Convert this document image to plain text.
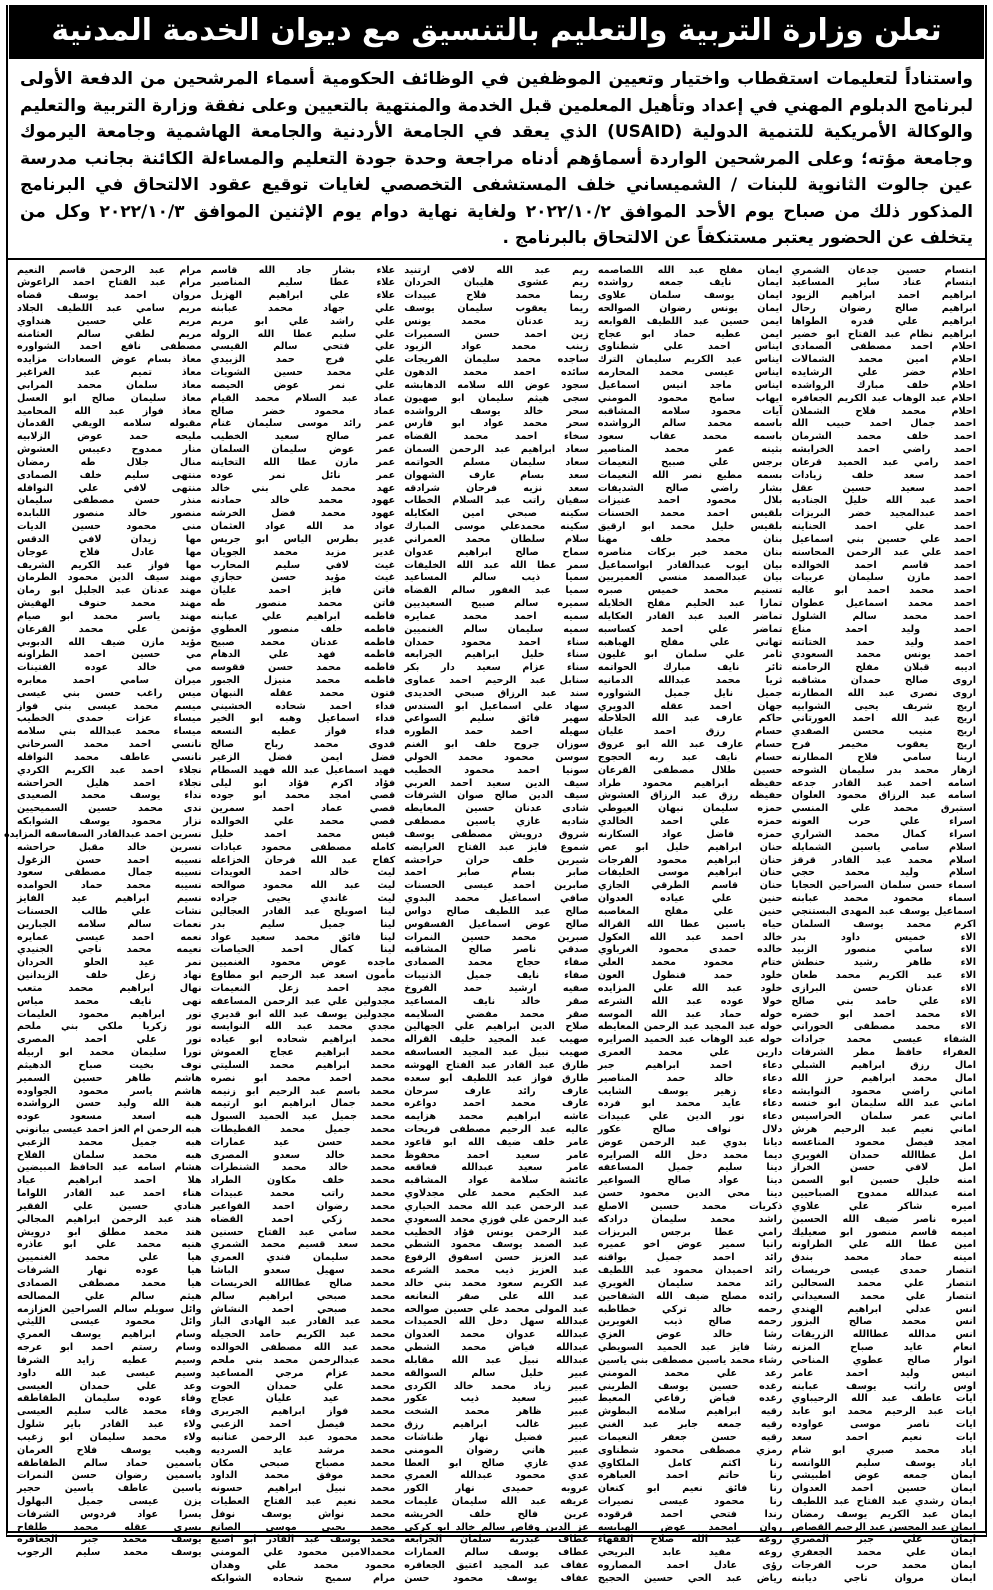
تعلن وزارة التربية والتعليم بالتنسيق مع ديوان الخدمة المدنية

واستناداً لتعليمات استقطاب واختيار وتعيين الموظفين في الوظائف الحكومية أسماء المرشحين من الدفعة الأولى لبرنامج الدبلوم المهني في إعداد وتأهيل المعلمين قبل الخدمة والمنتهية بالتعيين وعلى نفقة وزارة التربية والتعليم والوكالة الأمريكية للتنمية الدولية (USAID) الذي يعقد في الجامعة الأردنية والجامعة الهاشمية وجامعة اليرموك وجامعة مؤته؛ وعلى المرشحين الواردة أسماؤهم أدناه مراجعة وحدة جودة التعليم والمساءلة الكائنة بجانب مدرسة عين جالوت الثانوية للبنات / الشميساني خلف المستشفى التخصصي لغايات توقيع عقود الالتحاق في البرنامج المذكور ذلك من صباح يوم الأحد الموافق ٢٠٢٢/١٠/٢ ولغاية نهاية دوام يوم الإثنين الموافق ٢٠٢٢/١٠/٣ وكل من يتخلف عن الحضور يعتبر مستنكفاً عن الالتحاق بالبرنامج .

ابتسام حسين جدعان الشمري
ابتسام عناد ساير المساعيد
ابراهيم احمد ابراهيم الزيود
ابراهيم صالح رضوان رحال
ابراهيم علي قدره الطواها
ابراهيم نظام عبد الفتاح ابو خضير
احلام احمد مصطفى الصمادى
احلام امين محمد الشمالات
احلام خضر علي الرشايده
احلام خلف مبارك الرواشده
احلام عبد الوهاب عبد الكريم الجعافره
احلام محمد فلاح الشملان
احمد جمال احمد حبيب الله
احمد خلف محمد الشرمان
احمد راضي احمد الخرابشه
احمد رامي عبد الحميد قرعان
احمد سعد خلف زيادات
احمد سعيد حسين عقل
احمد عبد الله خليل الجناديه
احمد عبدالمجيد خضر البريزات
احمد علي احمد الحناينه
احمد علي حسين بني اسماعيل
احمد علي عبد الرحمن المحاسنه
احمد قاسم احمد الخوالده
احمد مازن سليمان عربيات
احمد محمد احمد ابو غاليه
احمد محمد اسماعيل عطوان
احمد محمد سالم الشلول
احمد وليد احمد مناع
احمد وليد حمد الختاتنه
احمد يونس محمد السعودي
اديبه قبلان مفلح الرحامنه
اروى صالح حمدان مشاقبه
اروى نصرى عبد الله المطارنه
اريج شريف يحيى الشوابيه
اريج عبد الله احمد العورتاني
اريج منيب محسن الصفدي
اريج يعقوب مخيمر فرح
ارينا سامي فلاح المطارنه
ازهار محمد بدر سليمان الشوحه
اسامه احمد عبد القادر جدعه
اسامه عبد الرزاق محمود العلوان
استبرق محمد علي المنسي
اسراء علي حرب العونه
اسراء كمال محمد الشراري
اسلام سامي ياسين الشمايله
اسلام محمد عبد القادر قرقز
اسلام وليد محمد حجي
اسماء حسن سلمان السراحين الحجايا
اسماء محمود محمد عبابنه
اسماعيل يوسف عبد المهدى البستنجي
اكرم محمد يوسف السلمان
الاء خميس داود بدر
الاء سامي منصور الزبيد
الاء طاهر رشيد حنطش
الاء عبد الكريم محمد طعان
الاء عدنان حسن البرازى
الاء علي حامد بني صالح
الاء محمد احمد ابو خضره
الاء محمد مصطفى الحوراني
الشفاء عيسى محمد جرادات
العفراء حافظ مطر الشرفات
امال رزق ابراهيم الشبلي
امال محمد ابراهيم حرز الله
اماني راضي محمود النوايشه
اماني عبد الله سليمان ابو خنسه
اماني عمر سلمان الحراسيس
اماني نعيم عبد الرحيم هرش
امجد فيصل محمود المناعسه
امل عطاالله حمدان الغويري
امل لافي حسن الخراز
امنه خليل حسين ابو السمن
امنه عبدالله ممدوح الصباحيين
اميره شاكر علي علاوي
اميره ناصر ضيف الله الحسين
اميمه قاسم منصور ابو صعيليك
امين عطا الله علي الطراونه
امينه حماد محمد بندق
انتصار حمدى عيسى خريسات
انتصار علي محمد السحالين
انتصار علي محمد السعيداني
انس عدلي ابراهيم الهندي
انس محمد صالح البزور
انس مدالله عطاالله الزريقات
انعام عايد صباح المزنه
انوار صالح عطوي المناحي
انيس وليد احمد عامر
اوس راتب يوسف عبابنه
ايات عاطف عبد الله الرحيباوي
ايات عبد الرحيم محمد ابو عابد
ايات ناصر موسى عواوده
ايات نعيم احمد سعد
اياد محمد صبري ابو شام
اياد يوسف سليم اللوانسه
ايمان جمعه عوض اطبيشي
ايمان حسين احمد العدوان
ايمان رشدي عبد الفتاح عبد اللطيف
ايمان عبد الكريم يوسف رمضان
ايمان عبد المحسن عبد الرحيم القصاص
ايمان علي جبر المصري
ايمان علي محمد الجعفري
ايمان محمد حرب الفرجات
ايمان مروان ناجي ديابنه
ايمان مفلح عبد الله اللصاصمه
ايمان نايف جمعه رواشده
ايمان يوسف سلمان علاوى
ايمان يونس رضوان الصوالحه
ايمن حسين عبد اللطيف القوابعه
ايمن عطيه حماد ابو عجاج
ايناس احمد علي شطناوى
ايناس عبد الكريم سليمان الترك
ايناس عيسى محمد المحارمه
ايناس ماجد انيس اسماعيل
ايهاب سامح محمود المومني
آيات محمود سلامه المشاقبه
باسمه محمد سالم الرواشده
باسمه محمد عقاب سعود
بثينه عمر محمد المناصير
برجس علي صبيح النعيمات
بسمه مطيع نصر الله النعيمات
بشار راضي صالح الشديفات
بلال محمود احمد عنيزات
بلقيس احمد محمد الحسنات
بلقيس خليل محمد ابو ارقيق
بنان محمد خلف مهنا
بنان محمد خير بركات مناصره
بيان ايوب عبدالقادر ابواسماعيل
بيان عبدالصمد منسي العميريين
تسنيم محمد خميس صبره
تمارا عبد الحليم مفلح الخلايله
تماضر العبد عبد القادر العكايله
تماضر علي احمد كساسبه
تهاني علي مفلح الهباهبه
ثامر علي سلمان ابو غليون
ثائر نايف مبارك الحواتمه
ثريا محمد عبدالله الدمانيه
جميل نايل جميل الشواوره
جهان احمد عقله الدويري
حاكم عارف عبد الله الحلاحله
حسام رزق احمد عليان
حسام عارف عبد الله ابو عروق
حسام نايف عبد ربه الحجوج
حسين طلال مصطفى القرعان
حفيظه ابراهيم محمود طراد
حفيظه رزق عبد الرزاق العشوش
حمزه سليمان نبهان العيوطي
حمزه علي احمد الخالدي
حمزه فاضل عواد السكارنه
حنان ابراهيم خليل ابو عص
حنان ابراهيم محمود الفرجات
حنان ابراهيم موسى الخليفات
حنان قاسم الطرقي الجازي
حنين علي عياده العدوان
حنين علي مفلح المغاصبه
حياه ياسين عطا الله القراله
خالد احمد عبد الله العكول
خالده حمدى محمود الغرباوي
ختام محمود محمد العلي
خلود حمد فنطول العون
خلود عبد الله علي المزايده
خولا عوده عبد الله الشرعه
خوله حماد عبد الله الموسه
خوله عبد المجيد عبد الرحمن المعايطه
خوله عبد الوهاب عبد الحميد الصرايره
دارين علي محمد العمرى
دعاء احمد ابراهيم جبر
دعاء خالد حمد المناصير
دعاء زهير يوسف الشايب
دعاء عايد محمد ابو فرده
دعاء نور الدين علي عبيدات
دلال نواف صالح عكور
ديانا بدوي عبد الرحمن عوض
ديما محمد دخل الله الصرايره
دينا سليم جميل المساعفه
دينا عواد صالح السواعير
دينا محي الدين محمود حسن
ذكريات محمد حسين الاصلع
راشد محمد سليمان درادكه
رامي عطا برجس البريزات
رانيا سمير عوض اخو عميره
رائد احمد جميل بواقنه
رائد احميدان محمود عبد اللطيف
رائد محمد سليمان الغويري
رائده مصلح ضيف الله الشقاحين
رحمه خالد تركي خطاطبه
رحمه صالح ذيب الغويرين
رشا خالد عوض العزي
رشا فايز عبد الحميد السويطي
رشاء محمد ياسين مصطفى بني ياسين
رعد علي محمد المومني
رغده حسين يوسف الطريني
رغده فياض رفاعي المعيط
رقيه ابراهيم سلامه البطوش
رقيه جمعه جابر عبد الغني
رقيه حسن جعفر النعيمات
رمزي مصطفى محمود شطناوى
رنا اكثم كامل الملكاوي
رنا حاتم احمد العباهره
رنا فائق نعيم ابو كنعان
رنا محمود عيسى نصيرات
رندا فتحي احمد قرقوده
روان امحمد عوض الهيايسه
روعه عبد الله صلاح الفقهاء
روعه مفيد عابد البريحي
رؤى عادل احمد المصاروه
رياض عبد الحي حسين الحجيج
ريم عبد الله لافي ارتنيد
ريم عشوى هليبان الحردان
ريما محمد فلاح عبيدات
ريما يعقوب سليمان يوسف
زيد عدنان محمد يونس
زين احمد حسن السميرات
زينب محمد عواد الزيود
ساجده محمد سليمان الفريجات
سائده احمد محمد الدهون
سجود عوض الله سلامه الدهابشه
سجى هيثم سليمان ابو صهيون
سحر خالد يوسف الرواشده
سحر محمد عواد ابو فارس
سخاء احمد محمد القضاه
سعاد ابراهيم عبد الرحمن السمان
سعاد سليمان مسلم الحواتمه
سعد بسام عارف الشهوان
سعد نزيه فرحان شرادقه
سفيان راتب عبد السلام الخطاب
سكينه صبحي امين العكايله
سكينه محمدعلي موسى المبارك
سلام سلطان محمد العمراني
سماح صالح ابراهيم عدوان
سمر عطا الله عبد الله الخليفات
سميا ذيب سالم المساعيد
سميا عبد الغفور سالم القضاه
سميره سالم صبيح السعيديين
سميه احمد محمد عمايره
سميه سليمان سالم الغنميين
سناء احمد محمود حمدان
سناء خليل ابراهيم الجرابعه
سناء عزام سعيد دار بكر
سنابل عبد الرحيم احمد عماوى
سند عبد الرزاق صبحي الحديدى
سهاد علي اسماعيل ابو السندس
سهير فائق سليم السواعي
سهيله احمد حمد الطوره
سوزان جروح خلف ابو الغنم
سوسن محمود محمد الخولي
سونيا احمد محمود الخطيب
سيف الدين سعيد احمد العربي
سيف الدين صالح صوان الشرفات
شادى عدنان حسين المعايطه
شاديه غازي ياسين مصطفى
شروق درويش مصطفى يوسف
شموع فايز عبد الفتاح العرايضه
شيرين خلف حران حراحشه
صابر بسام صابر احمد
صابرين احمد عيسى الحسنات
صافي اسماعيل محمد البدوي
صالح عبد اللطيف صالح دواس
صالح عوض اسماعيل الفسفوس
صبرين محمد حسين النمرات
صدقي ناصر صالح المشاقبه
صفاء حجاج محمد الصمادى
صفاء نايف جميل الذنيبات
صفيه ارشيد حمد الفروخ
صقر خالد نايف المساعيد
صقر محمد مفضي السلايمه
صلاح الدين ابراهيم علي الجهالين
صهيب عبد المجيد خليف القراله
صهيب نبيل عبد المجيد العساسفه
طارق عبد القادر عبد الفتاح الهوشه
طارق فواز عبد اللطيف ابو سعده
عارف رائد عارف سرحان
عارف محمد احمد دواغره
عاشه ابراهيم محمد هزايمه
عاليه عبد الرحيم مصطفى فريحات
عامر خلف ضيف الله ابو قاعود
عامر سعيد احمد محفوظ
عامر سعيد عبدالله قعاقعه
عائشة سلامة عواد المشاقبه
عبد الحكيم محمد علي مجدلاوي
عبد الرحمن عبد الله محمد الحياري
عبد الرحمن علي فوزي محمد السعودي
عبد الرحمن يونس فؤاد الخطيب
عبد الصمد يوسف محمود الشطي
عبد العزيز حسن اسفوق الرفوع
عبد العزيز ذيب محمد الشرعه
عبد الكريم سعود محمد بني خالد
عبد الله على صقر النعانعه
عبد المولى محمد علي حسين صوالحه
عبدالله سهل دخل الله الحميدات
عبدالله عدوان محمد العدوان
عبدالله فياض محمد الشطي
عبدالله نبيل عبد الله مقابله
عبير خليل سالم السوالقه
عبير زياد محمد خالد الكردى
عبير سعيد ذيب عكور
عبير ظاهر محمد الشخت
عبير غالب ابراهيم رزق
عبير فضيل نهار طناشات
عبير هاني رضوان المومني
عدي غازي صالح ابو العطا
عدي محمود عبدالله العمري
عروبه حميدى نهار الكور
عريفه عبد الله سليمان عليمات
عرين فالح خلف الخريشه
عز الدين وقاص سالم خالد ابو كركي
عطاف عبدربه سلمان الجرابعه
عطاف يوسف سالم العمارات
عفاف عبد المجيد اعتيق الجعافره
عفاف يوسف محمود حسن
علاء بشار جاد الله قاسم
علاء عطا سليم المناصير
علاء علي ابراهيم الهزيل
علي جهاد محمد عبابنه
علي راشد علي ابو مريم
علي سليم عطا الله الروله
علي فتحي سالم القيسي
علي فرج حمد الزبيدي
علي محمد حسين الشويات
علي نمر عوض الحيصه
عماد عبد السلام محمد القيام
عماد محمود خضر صالح
عمر رائد موسى سليمان غنام
عمر صالح سعيد الخطيب
عمر عوض سليمان السلمان
عمر مازن عطا الله التخاينه
عمر نائل نمر عوده
عهد محمد علي بني خالد
عهود محمد خالد حمادنه
عهود محمد فضل الخرشه
عواد مد الله عواد العثمان
غدير بطرس الياس ابو جريس
غدير مزيد محمد الجويان
غيث لافي سليم المحارب
غيث مؤيد حسن حجازي
فاتن فايز احمد عليان
فاتن محمد منصور طه
فاطمه ابراهيم علي عبابنه
فاطمه خلف منصور العطوي
فاطمه عدنان محمد صبيح
فاطمه فهد علي الدهام
فاطمه محمد حسن فقوسه
فاطمه محمد منيزل الجبور
فتون محمد عقله النبهان
فداء احمد شحاده الخشيني
فداء اسماعيل وهبه ابو الخير
فداء فواز عطيه النسعه
فدوى محمد رباح صالح
فضل ايمن فضل الزغير
فهيد اسماعيل عبد الله فهيد السطام
فؤاد اكرم فؤاد ابو ليلى
قصي امجد محمد ابو جوده
قصي عماد احمد سمرين
قصي محمد علي الخوالده
قيس محمد احمد خليل
كامله مصطفى محمود عيادات
كفاح عبد الله فرحان الخزاعله
ليث خالد احمد العويدات
ليث عبد الله محمود صوالحه
ليث غاندي يحيى جراده
لينا اصويلح عبد القادر العجالين
لينا جميل سليم بدر
لينا فائق محمد سعيد عواد
لينا كمال احمد الحياصات
ماجده عوض محمود الغنميين
مأمون اسعد عبد الرحيم ابو مطاوع
مجد احمد زعل النعيمات
مجدولين علي عبد الرحمن المساعفه
مجدولين يوسف عبد الله ابو قديري
مجدي محمد عبد الله النوايسه
محمد ابراهيم شحاده ابو عياده
محمد ابراهيم عجاج العموش
محمد ابراهيم محمد السليتي
محمد احمد محمد ابو نصره
محمد باسم عبد الرحيم ابو زنيمه
محمد جمال ابراهيم ابو ارتيمه
محمد جميل عبد الحميد السبول
محمد جميل محمد القطيطات
محمد حسن عيد عمارات
محمد خالد سعدو المصرى
محمد خالد محمد الشنطرات
محمد خلف مكاون الطراد
محمد راتب محمد عبيدات
محمد رضوان احمد الفواعير
محمد زكي احمد القضاه
محمد سامي عبد الفتاح حسنين
محمد سعد قسيم محمد الشمري
محمد سليمان فندي العمري
محمد سهيل سعدو الباشا
محمد صالح عطاالله الخريسات
محمد صبحي ابراهيم سالم
محمد صبحي احمد النشاش
محمد عبد القادر عبد الهادى الباز
محمد عبد الكريم حامد الحجيله
محمد عبد الله مصطفى الخوالده
محمد عبدالرحمن محمد بني ملحم
محمد عزام مرجي المساعيد
محمد علي حمدان الحوت
محمد عيد عليان عجاج
محمد فواز ابراهيم الجريرى
محمد فيصل احمد الزعبي
محمد محمود عبد الرحمن عنانبه
محمد مرشد عايد السرديه
محمد مصباح صبحي مكان
محمد موفق محمد الداود
محمد نبيل ابراهيم حسونه
محمد نعيم عبد الفتاح العطيات
محمد نواش يوسف نوفل
محمد يحيى موسى الصانع
محمد يوسف عبد القادر ابو اصبع
محمدالامين محمود علي المومني
محمود محمد علي وهدان
مرام سميح شحاده الشوابكه
مرام عبد الرحمن قاسم النعيم
مرام عبد الفتاح احمد الراعوش
مروان احمد يوسف قضاه
مريم سامي عبد اللطيف الجلاد
مريم علي حسين هنداوي
مريم لطفي سالم العثامنه
مصطفى نافع احمد الشواوره
معاذ بسام عوض السعادات مزايده
معاذ تميم عبد الغراغير
معاذ سلمان محمد المرابي
معاذ سليمان صالح ابو العسل
معاذ فواز عبد الله المحاميد
مقبوله سلامه الويفي القدمان
مليحه حمد عوض الزلابيه
منار ممدوح دعيبس العشوش
منال جلال طه رمضان
منتهى سليم خلف الصمادى
منتهى لافي علي النوافله
منذر حسن مصطفى سليمان
منصور خالد منصور اللبابده
منى محمود حسين الديات
مها زيدان لافي الدقس
مها عادل فلاح عوجان
مها فواز عبد الكريم الشريف
مهند سيف الدين محمود الطرمان
مهند عدنان عبد الجليل ابو رمان
مهند محمد حنوف الهقيش
مهند ياسر محمد ابو صيام
مؤتمن علي محمد القرعان
مؤيد مازن ضيف الله الدبوبي
مي حسين احمد الطراونه
مي خالد عوده الفتينات
ميران سامي احمد معابره
ميس راغب حسن بني عيسى
ميسم محمد عيسى بني فواز
ميساء عزات حمدى الخطيب
ميساء محمد عبدالله بني سلامه
نانسي احمد محمد السرحاني
نانسي عاطف محمد النوافله
نجلاء احمد عبد الكريم الكردي
نجلاء احمد هليل الحراحشه
نداء يوسف محمد الصعيدى
ندى محمد حسين السميحيين
نزار محمود يوسف الشوابكه
نسرين احمد عبدالقادر السفاسفه المزايده
نسرين خالد مقبل حراحشه
نسيبه احمد حسن الزغول
نسيبه جمال مصطفى سعود
نسيبه محمد حماد الحوامده
نسيم ابراهيم عيد الفايز
نشات علي طالب الحسنات
نعمات سالم سلامه الجبارين
نعمه احمد عيسى عمايره
نعيمه محمد ناجي الجنيدي
نمر عيد الحلو الحردان
نهاد زعل خلف الزيدانين
نهال ابراهيم محمد متعب
نهى نايف محمد مياس
نور ابراهيم محمود العليمات
نور زكريا ملكي بني ملحم
نور علي احمد المصرى
نورا سليمان محمد ابو اربيله
نوف بخيت صباح الدهيثم
هاشم طاهر حسين السمير
هاشم ياسر محمود الجواوده
هبة الله وليد حسن الرواشده
هبه اسعد مسعود عوده
هبه الرحمن ام العز احمد عيسى بيانوني
هبه جميل محمد الزعبي
هبه محمد سلمان الفلاح
هشام اسامه عبد الحافظ المبيضين
هلا احمد ابراهيم عياد
هناء احمد عبد القادر اللواما
هنادي حسين علي الفقير
هند عبد الرحمن ابراهيم المجالي
هند محمد مطلق ابو درويش
هنيه محمد علي ابو عاذره
هيا علي محمد الغنميين
هيا عوده نهار الشرفات
هيا محمد مصطفى الصمادى
هيثم سالم علي المصالحه
وائل سويلم سالم السراحين العزازمه
وائل محمود عيسى الليثي
وسام ابراهيم يوسف العمري
وسام رستم احمد ابو عرجه
وسيم عطيه زايد الشرفا
وسيم عيسى عبد الله داود
وعد علي حمدان العيسى
وفاء عوده سليمان الطقاطقه
وفاء محمد غالب سليم العيسى
ولاء عبد القادر باير شلول
ولاء محمد سليمان ابو زغيب
وهيب يوسف فلاح العرمان
ياسمين حماد سالم الطقاطقه
ياسمين رضوان حسن النمرات
ياسين عاطف ياسين حجير
يزن عيسى جميل البهلول
يسرا عواد فردوس الشرفات
يسرى عقله محمد طلفاح
يوسف محمد جبر الجعافره
يوسف محمد سليم الرجوب
